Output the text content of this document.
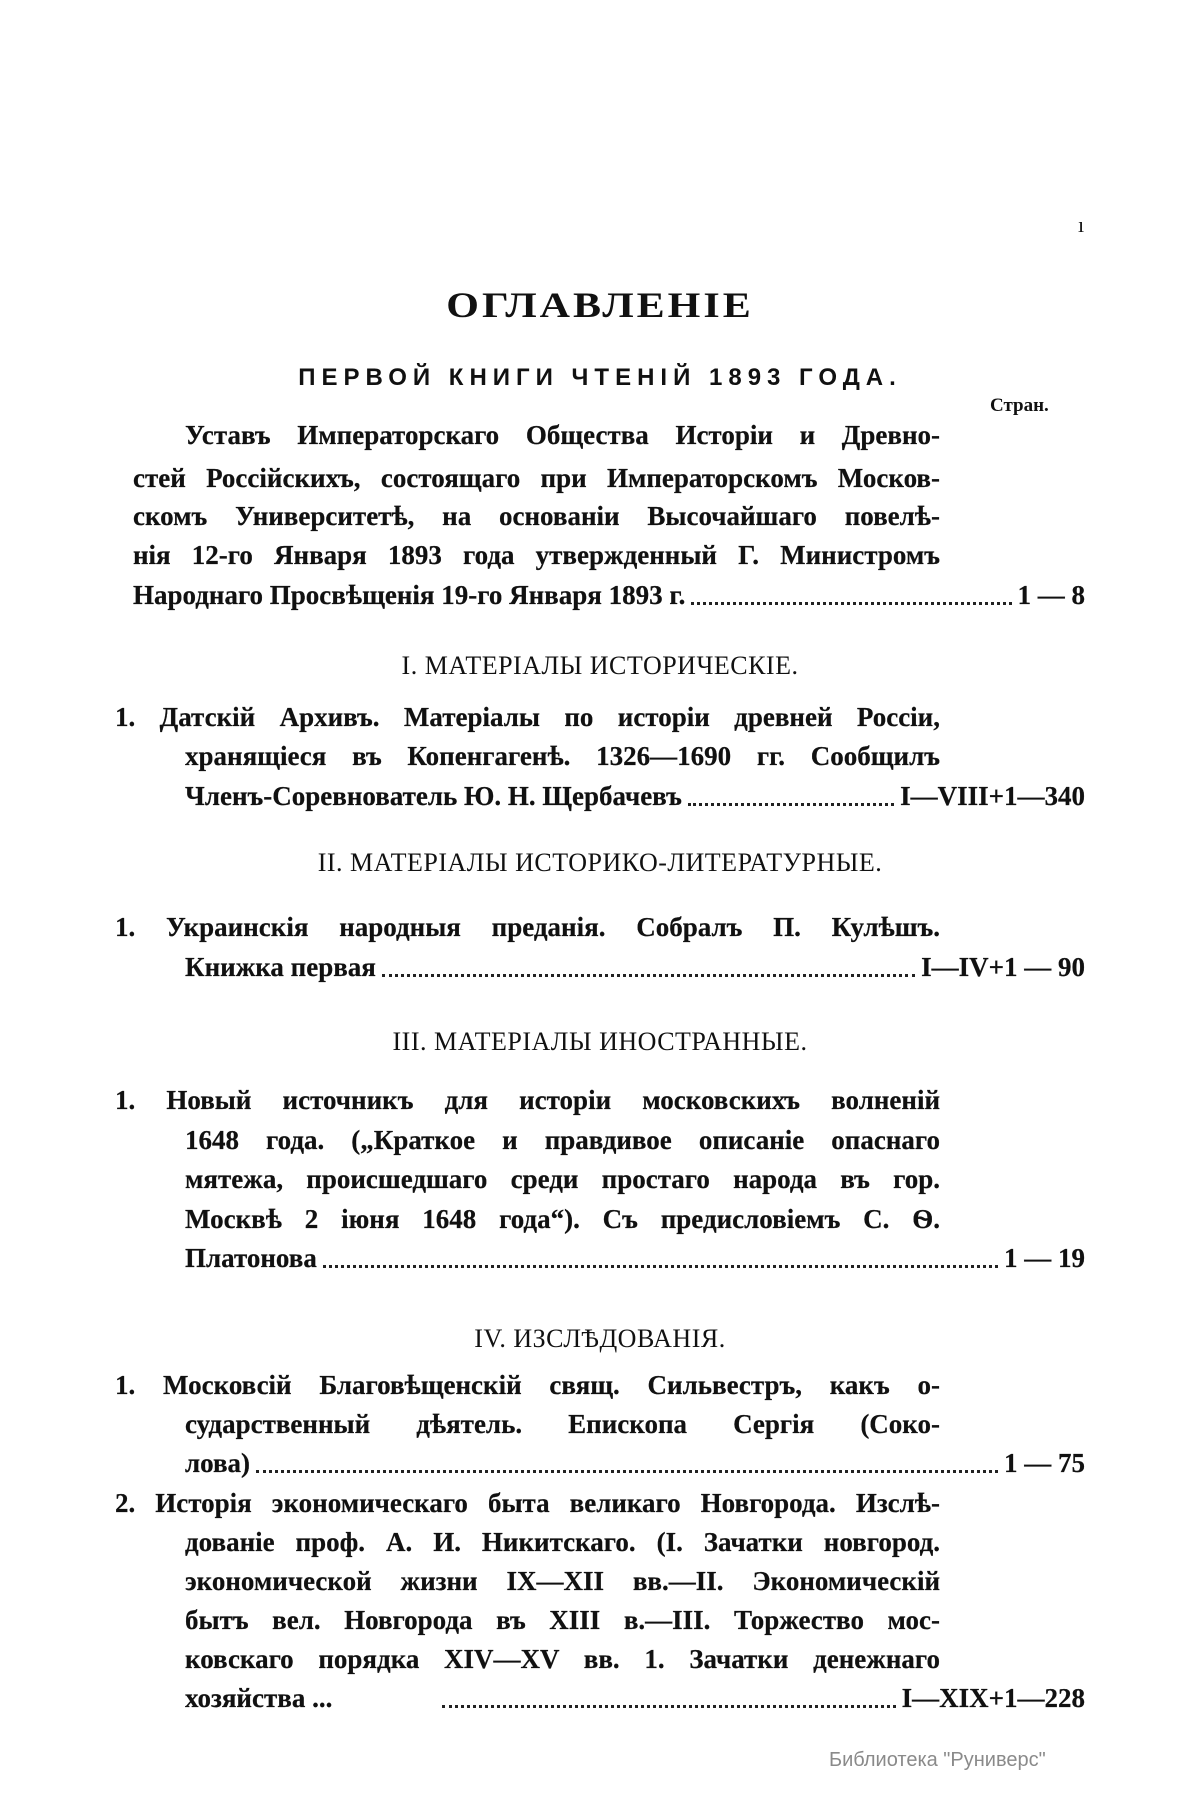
ı
ОГЛАВЛЕНІЕ
ПЕРВОЙ КНИГИ ЧТЕНІЙ 1893 ГОДА.
Стран.
Уставъ Императорскаго Общества Исторіи и Древно-
стей Россійскихъ, состоящаго при Императорскомъ Москов-
скомъ Университетѣ, на основаніи Высочайшаго повелѣ-
нія 12-го Января 1893 года утвержденный Г. Министромъ
Народнаго Просвѣщенія 19-го Января 1893 г.	1 — 8
I. МАТЕРІАЛЫ ИСТОРИЧЕСКІЕ.
1. Датскій Архивъ. Матеріалы по исторіи древней Россіи,
хранящіеся въ Копенгагенѣ. 1326—1690 гг. Сообщилъ
Членъ-Соревнователь Ю. Н. Щербачевъ	I—VIII+1—340
II. МАТЕРІАЛЫ ИСТОРИКО-ЛИТЕРАТУРНЫЕ.
1. Украинскія народныя преданія. Собралъ П. Кулѣшъ.
Книжка первая	I—IV+1 — 90
III. МАТЕРІАЛЫ ИНОСТРАННЫЕ.
1. Новый источникъ для исторіи московскихъ волненій
1648 года. („Краткое и правдивое описаніе опаснаго
мятежа, происшедшаго среди простаго народа въ гор.
Москвѣ 2 іюня 1648 года“). Съ предисловіемъ С. Ѳ.
Платонова	1 — 19
IV. ИЗСЛѢДОВАНІЯ.
1. Московсій Благовѣщенскій свящ. Сильвестръ, какъ о-
сударственный дѣятель. Епископа Сергія (Соко-
лова)	1 — 75
2. Исторія экономическаго быта великаго Новгорода. Изслѣ-
дованіе проф. А. И. Никитскаго. (I. Зачатки новгород.
экономической жизни IX—XII вв.—II. Экономическій
бытъ вел. Новгорода въ XIII в.—III. Торжество мос-
ковскаго порядка XIV—XV вв. 1. Зачатки денежнаго
хозяйства ...	I—XIX+1—228
Библиотека "Руниверс"
